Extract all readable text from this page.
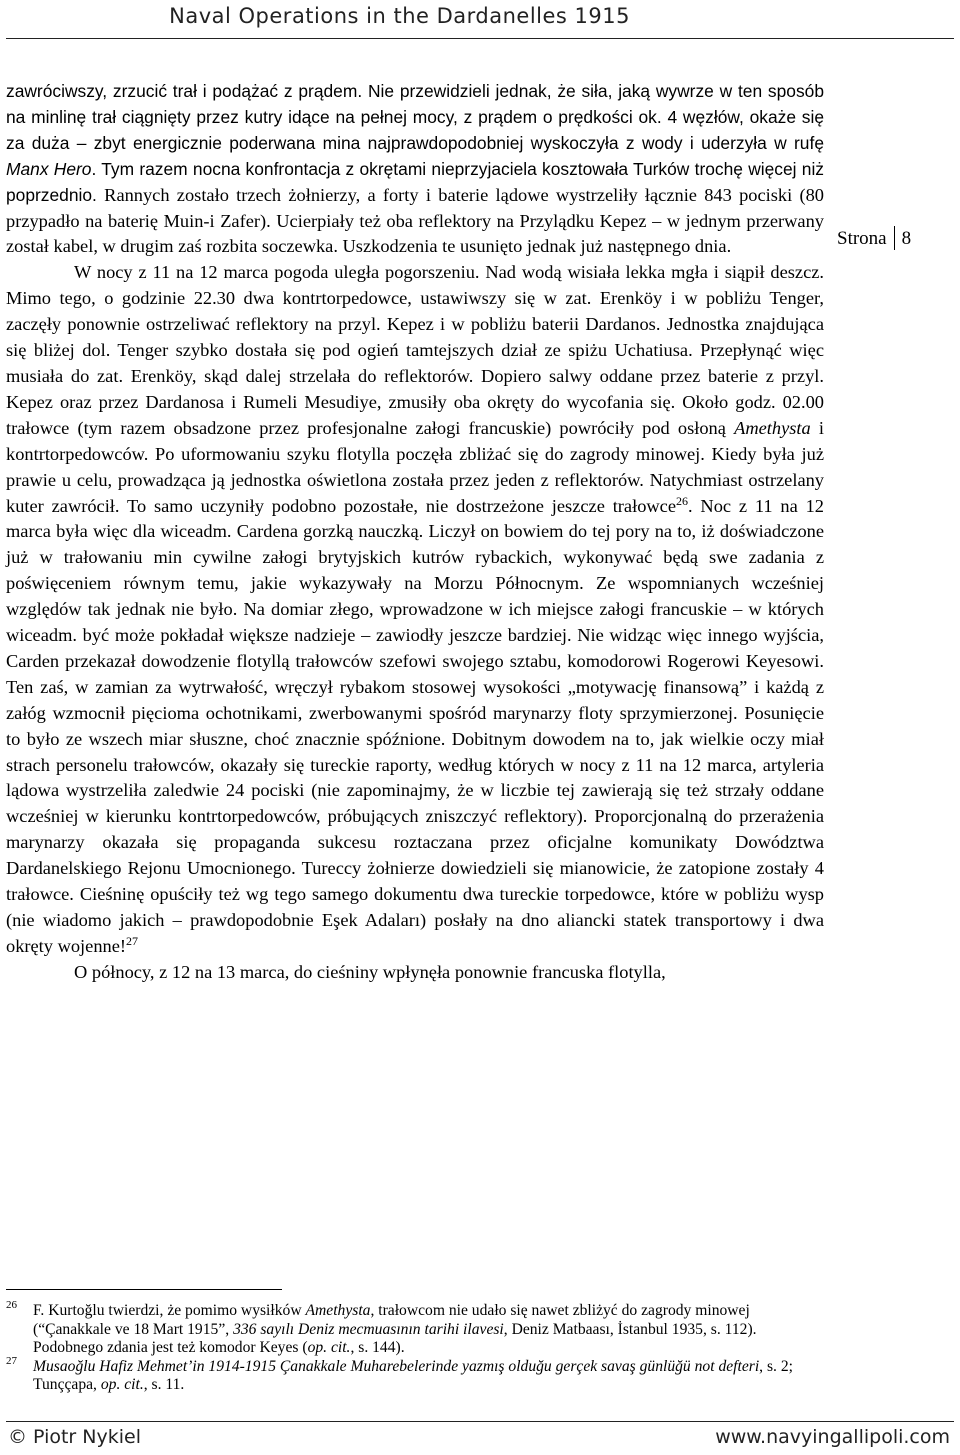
Naval Operations in the Dardanelles 1915
Strona 8

zawróciwszy, zrzucić trał i podążać z prądem. Nie przewidzieli jednak, że siła, jaką wywrze w ten sposób na minlinę trał ciągnięty przez kutry idące na pełnej mocy, z prądem o prędkości ok. 4 węzłów, okaże się za duża – zbyt energicznie poderwana mina najprawdopodobniej wyskoczyła z wody i uderzyła w rufę Manx Hero. Tym razem nocna konfrontacja z okrętami nieprzyjaciela kosztowała Turków trochę więcej niż poprzednio. Rannych zostało trzech żołnierzy, a forty i baterie lądowe wystrzeliły łącznie 843 pociski (80 przypadło na baterię Muin-i Zafer). Ucierpiały też oba reflektory na Przylądku Kepez – w jednym przerwany został kabel, w drugim zaś rozbita soczewka. Uszkodzenia te usunięto jednak już następnego dnia.

W nocy z 11 na 12 marca pogoda uległa pogorszeniu. Nad wodą wisiała lekka mgła i siąpił deszcz. Mimo tego, o godzinie 22.30 dwa kontrtorpedowce, ustawiwszy się w zat. Erenköy i w pobliżu Tenger, zaczęły ponownie ostrzeliwać reflektory na przyl. Kepez i w pobliżu baterii Dardanos. Jednostka znajdująca się bliżej dol. Tenger szybko dostała się pod ogień tamtejszych dział ze spiżu Uchatiusa. Przepłynąć więc musiała do zat. Erenköy, skąd dalej strzelała do reflektorów. Dopiero salwy oddane przez baterie z przyl. Kepez oraz przez Dardanosa i Rumeli Mesudiye, zmusiły oba okręty do wycofania się. Około godz. 02.00 trałowce (tym razem obsadzone przez profesjonalne załogi francuskie) powróciły pod osłoną Amethysta i kontrtorpedowców. Po uformowaniu szyku flotylla poczęła zbliżać się do zagrody minowej. Kiedy była już prawie u celu, prowadząca ją jednostka oświetlona została przez jeden z reflektorów. Natychmiast ostrzelany kuter zawrócił. To samo uczyniły podobno pozostałe, nie dostrzeżone jeszcze trałowce$^{26}$. Noc z 11 na 12 marca była więc dla wiceadm. Cardena gorzką nauczką. Liczył on bowiem do tej pory na to, iż doświadczone już w trałowaniu min cywilne załogi brytyjskich kutrów rybackich, wykonywać będą swe zadania z poświęceniem równym temu, jakie wykazywały na Morzu Północnym. Ze wspomnianych wcześniej względów tak jednak nie było. Na domiar złego, wprowadzone w ich miejsce załogi francuskie – w których wiceadm. być może pokładał większe nadzieje – zawiodły jeszcze bardziej. Nie widząc więc innego wyjścia, Carden przekazał dowodzenie flotyllą trałowców szefowi swojego sztabu, komodorowi Rogerowi Keyesowi. Ten zaś, w zamian za wytrwałość, wręczył rybakom stosowej wysokości „motywację finansową” i każdą z załóg wzmocnił pięcioma ochotnikami, zwerbowanymi spośród marynarzy floty sprzymierzonej. Posunięcie to było ze wszech miar słuszne, choć znacznie spóźnione. Dobitnym dowodem na to, jak wielkie oczy miał strach personelu trałowców, okazały się tureckie raporty, według których w nocy z 11 na 12 marca, artyleria lądowa wystrzeliła zaledwie 24 pociski (nie zapominajmy, że w liczbie tej zawierają się też strzały oddane wcześniej w kierunku kontrtorpedowców, próbujących zniszczyć reflektory). Proporcjonalną do przerażenia marynarzy okazała się propaganda sukcesu roztaczana przez oficjalne komunikaty Dowództwa Dardanelskiego Rejonu Umocnionego. Tureccy żołnierze dowiedzieli się mianowicie, że zatopione zostały 4 trałowce. Cieśninę opuściły też wg tego samego dokumentu dwa tureckie torpedowce, które w pobliżu wysp (nie wiadomo jakich – prawdopodobnie Eşek Adaları) posłały na dno aliancki statek transportowy i dwa okręty wojenne!$^{27}$

O północy, z 12 na 13 marca, do cieśniny wpłynęła ponownie francuska flotylla,

26 F. Kurtoğlu twierdzi, że pomimo wysiłków Amethysta, trałowcom nie udało się nawet zbliżyć do zagrody minowej (“Çanakkale ve 18 Mart 1915”, 336 sayılı Deniz mecmuasının tarihi ilavesi, Deniz Matbaası, İstanbul 1935, s. 112). Podobnego zdania jest też komodor Keyes (op. cit., s. 144).

27 Musaoğlu Hafiz Mehmet’in 1914-1915 Çanakkale Muharebelerinde yazmış olduğu gerçek savaş günlüğü not defteri, s. 2; Tunççapa, op. cit., s. 11.

© Piotr Nykiel	www.navyingallipoli.com
